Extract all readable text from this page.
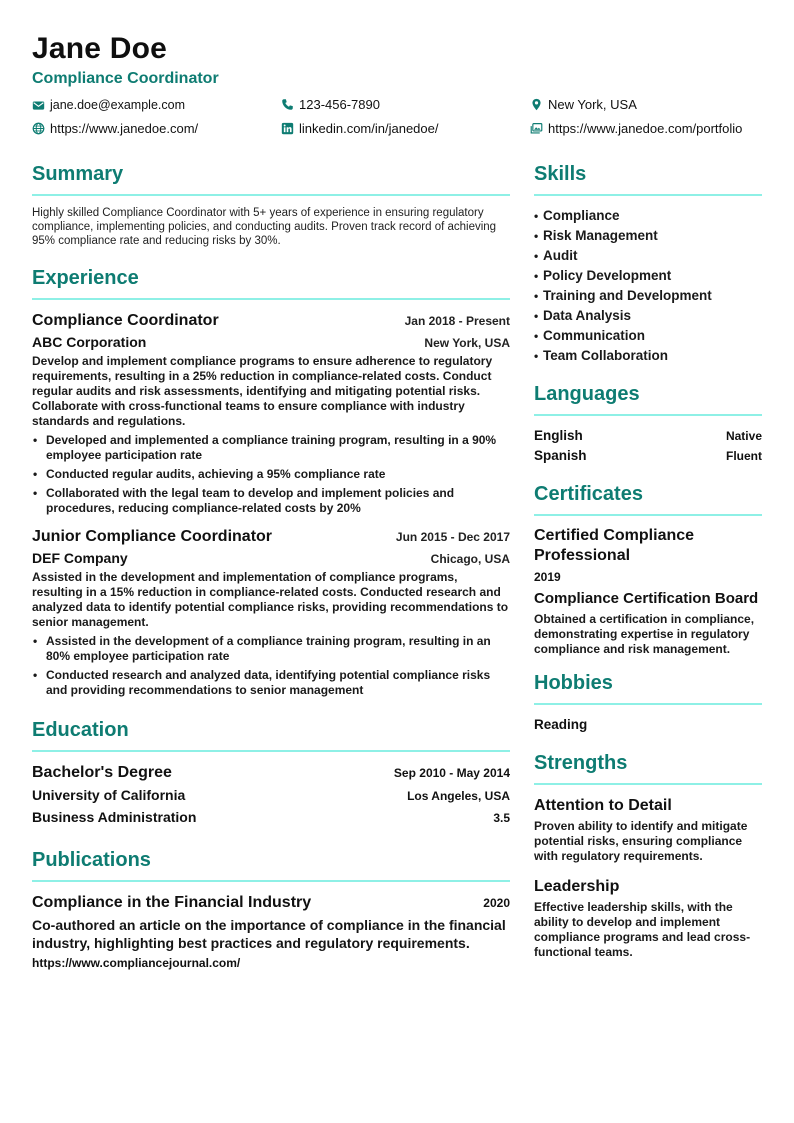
Jane Doe
Compliance Coordinator
jane.doe@example.com	123-456-7890	New York, USA
https://www.janedoe.com/	linkedin.com/in/janedoe/	https://www.janedoe.com/portfolio
Summary

Highly skilled Compliance Coordinator with 5+ years of experience in ensuring regulatory compliance, implementing policies, and conducting audits. Proven track record of achieving 95% compliance rate and reducing risks by 30%.

Experience
Compliance Coordinator	Jan 2018 - Present
ABC Corporation	New York, USA

Develop and implement compliance programs to ensure adherence to regulatory requirements, resulting in a 25% reduction in compliance-related costs. Conduct regular audits and risk assessments, identifying and mitigating potential risks. Collaborate with cross-functional teams to ensure compliance with industry standards and regulations.

• Developed and implemented a compliance training program, resulting in a 90% employee participation rate
• Conducted regular audits, achieving a 95% compliance rate
• Collaborated with the legal team to develop and implement policies and procedures, reducing compliance-related costs by 20%
Junior Compliance Coordinator	Jun 2015 - Dec 2017
DEF Company	Chicago, USA

Assisted in the development and implementation of compliance programs, resulting in a 15% reduction in compliance-related costs. Conducted research and analyzed data to identify potential compliance risks, providing recommendations to senior management.

• Assisted in the development of a compliance training program, resulting in an 80% employee participation rate
• Conducted research and analyzed data, identifying potential compliance risks and providing recommendations to senior management
Education
Bachelor's Degree	Sep 2010 - May 2014
University of California	Los Angeles, USA
Business Administration	3.5
Publications
Compliance in the Financial Industry	2020

Co-authored an article on the importance of compliance in the financial industry, highlighting best practices and regulatory requirements.

https://www.compliancejournal.com/
Skills
• Compliance
• Risk Management
• Audit
• Policy Development
• Training and Development
• Data Analysis
• Communication
• Team Collaboration
Languages
English	Native
Spanish	Fluent
Certificates
Certified Compliance Professional
2019
Compliance Certification Board

Obtained a certification in compliance, demonstrating expertise in regulatory compliance and risk management.

Hobbies
Reading
Strengths
Attention to Detail

Proven ability to identify and mitigate potential risks, ensuring compliance with regulatory requirements.

Leadership

Effective leadership skills, with the ability to develop and implement compliance programs and lead cross-functional teams.
